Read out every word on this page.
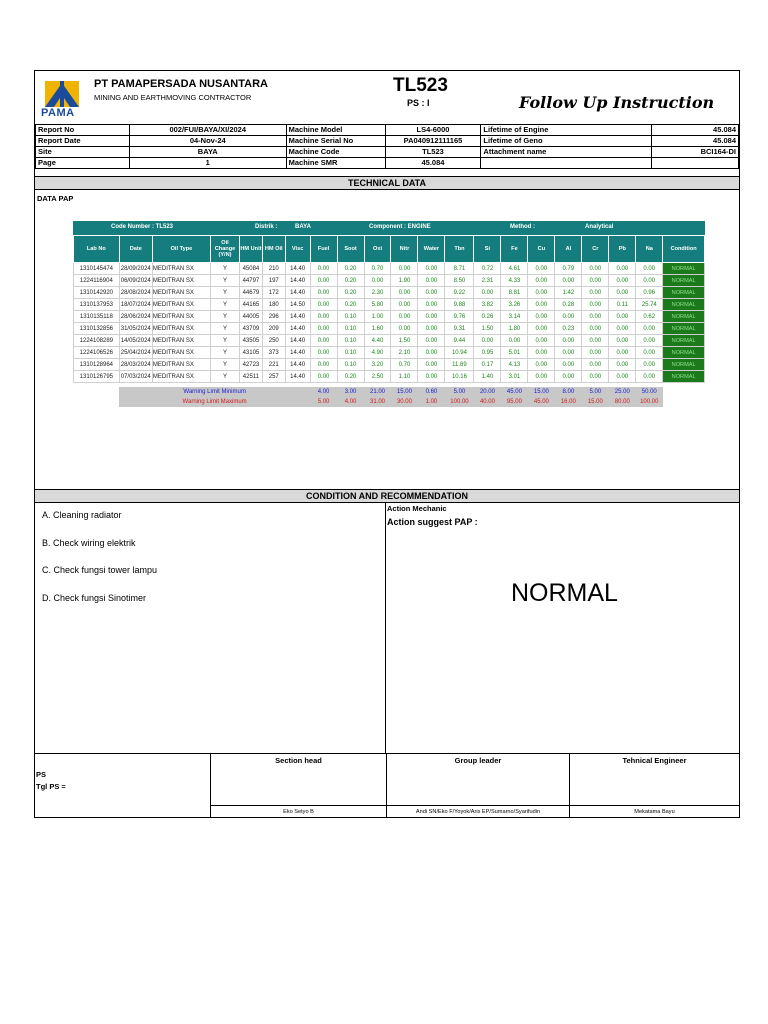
PAMA
PT PAMAPERSADA NUSANTARA
MINING AND EARTHMOVING CONTRACTOR
TL523
PS : I	Follow Up Instruction
Report No	002/FUI/BAYA/XI/2024	Machine Model	LS4-6000	Lifetime of Engine	45.084
Report Date	04-Nov-24	Machine Serial No	PA040912111165	Lifetime of Geno	45.084
Site	BAYA	Machine Code	TL523	Attachment name	BCI164-DI
Page	1	Machine SMR	45.084		
TECHNICAL DATA
DATA PAP
Code Number : TL523	Distrik :	BAYA	Component : ENGINE	Method :	Analytical
Lab No	Date	Oil Type	Oil Change (Y/N)	HM Unit	HM Oil	Visc	Fuel	Soot	Oxi	Nitr	Water	Tbn	Si	Fe	Cu	Al	Cr	Pb	Na	Condition
1310145474	28/09/2024	MEDITRAN SX	Y	45084	210	14.40	0.00	0.20	0.70	0.00	0.00	8.71	0.72	4.61	0.00	0.79	0.00	0.00	0.00	NORMAL
1224116904	06/09/2024	MEDITRAN SX	Y	44797	197	14.40	0.00	0.20	0.00	1.90	0.00	8.50	2.31	4.33	0.00	0.00	0.00	0.00	0.00	NORMAL
1310142920	28/08/2024	MEDITRAN SX	Y	44679	172	14.40	0.00	0.20	2.30	0.00	0.00	9.22	0.00	8.81	0.00	1.42	0.00	0.00	0.96	NORMAL
1310137953	18/07/2024	MEDITRAN SX	Y	44165	180	14.50	0.00	0.20	5.80	0.00	0.00	9.88	3.82	3.26	0.00	0.28	0.00	0.11	25.74	NORMAL
1310135118	28/06/2024	MEDITRAN SX	Y	44005	296	14.40	0.00	0.10	1.00	0.00	0.00	9.76	0.26	3.14	0.00	0.00	0.00	0.00	0.62	NORMAL
1310132856	31/05/2024	MEDITRAN SX	Y	43709	209	14.40	0.00	0.10	1.60	0.00	0.00	9.31	1.50	1.80	0.00	0.23	0.00	0.00	0.00	NORMAL
1224108289	14/05/2024	MEDITRAN SX	Y	43505	250	14.40	0.00	0.10	4.40	1.50	0.00	9.44	0.00	0.00	0.00	0.00	0.00	0.00	0.00	NORMAL
1224106526	25/04/2024	MEDITRAN SX	Y	43105	373	14.40	0.00	0.10	4.90	2.10	0.00	10.94	0.95	5.01	0.00	0.00	0.00	0.00	0.00	NORMAL
1310128964	28/03/2024	MEDITRAN SX	Y	42723	221	14.40	0.00	0.10	3.20	0.70	0.00	11.69	0.17	4.13	0.00	0.00	0.00	0.00	0.00	NORMAL
1310126795	07/03/2024	MEDITRAN SX	Y	42511	257	14.40	0.00	0.20	2.50	1.10	0.00	10.16	1.40	3.01	0.00	0.00	0.00	0.00	0.00	NORMAL

	Warning Limit Minimum						4.00	3.00	21.00	15.00	0.60	5.00	20.00	45.00	15.00	8.00	5.00	25.00	50.00	
	Warning Limit Maximum						5.00	4.00	31.00	30.00	1.00	100.00	40.00	95.00	45.00	16.00	15.00	80.00	100.00	
CONDITION AND RECOMMENDATION
A. Cleaning radiator
B. Check wiring elektrik
C. Check fungsi tower lampu
D. Check fungsi Sinotimer
Action Mechanic
Action suggest PAP :
NORMAL
Section head
Eko Setyo B
Group leader
Andi SN/Eko F/Yoyok/Aris EP/Sumarno/Syarifudin
Tehnical Engineer
Mekatama Bayu
PS
Tgl PS =
